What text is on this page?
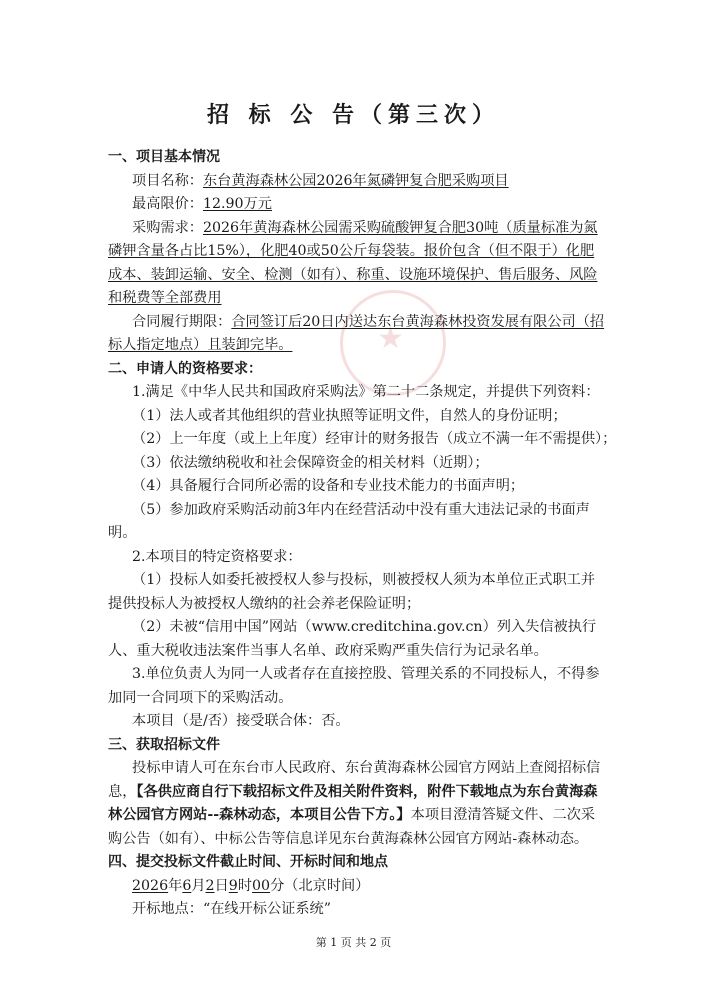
★
招 标 公 告（第三次）
一、项目基本情况
项目名称：东台黄海森林公园2026年氮磷钾复合肥采购项目
最高限价：12.90万元
采购需求：2026年黄海森林公园需采购硫酸钾复合肥30吨（质量标准为氮
磷钾含量各占比15%），化肥40或50公斤每袋装。报价包含（但不限于）化肥
成本、装卸运输、安全、检测（如有）、称重、设施环境保护、售后服务、风险
和税费等全部费用
合同履行期限：合同签订后20日内送达东台黄海森林投资发展有限公司（招
标人指定地点）且装卸完毕。
二、申请人的资格要求：
1.满足《中华人民共和国政府采购法》第二十二条规定，并提供下列资料：
（1）法人或者其他组织的营业执照等证明文件，自然人的身份证明；
（2）上一年度（或上上年度）经审计的财务报告（成立不满一年不需提供）；
（3）依法缴纳税收和社会保障资金的相关材料（近期）；
（4）具备履行合同所必需的设备和专业技术能力的书面声明；
（5）参加政府采购活动前3年内在经营活动中没有重大违法记录的书面声
明。
2.本项目的特定资格要求：
（1）投标人如委托被授权人参与投标，则被授权人须为本单位正式职工并
提供投标人为被授权人缴纳的社会养老保险证明；
（2）未被“信用中国”网站（www.creditchina.gov.cn）列入失信被执行
人、重大税收违法案件当事人名单、政府采购严重失信行为记录名单。
3.单位负责人为同一人或者存在直接控股、管理关系的不同投标人，不得参
加同一合同项下的采购活动。
本项目（是/否）接受联合体：否。
三、获取招标文件
投标申请人可在东台市人民政府、东台黄海森林公园官方网站上查阅招标信
息，【各供应商自行下载招标文件及相关附件资料，附件下载地点为东台黄海森
林公园官方网站--森林动态，本项目公告下方。】本项目澄清答疑文件、二次采
购公告（如有）、中标公告等信息详见东台黄海森林公园官方网站-森林动态。
四、提交投标文件截止时间、开标时间和地点
2026年6月2日9时00分（北京时间）
开标地点：“在线开标公证系统”
第 1 页 共 2 页
